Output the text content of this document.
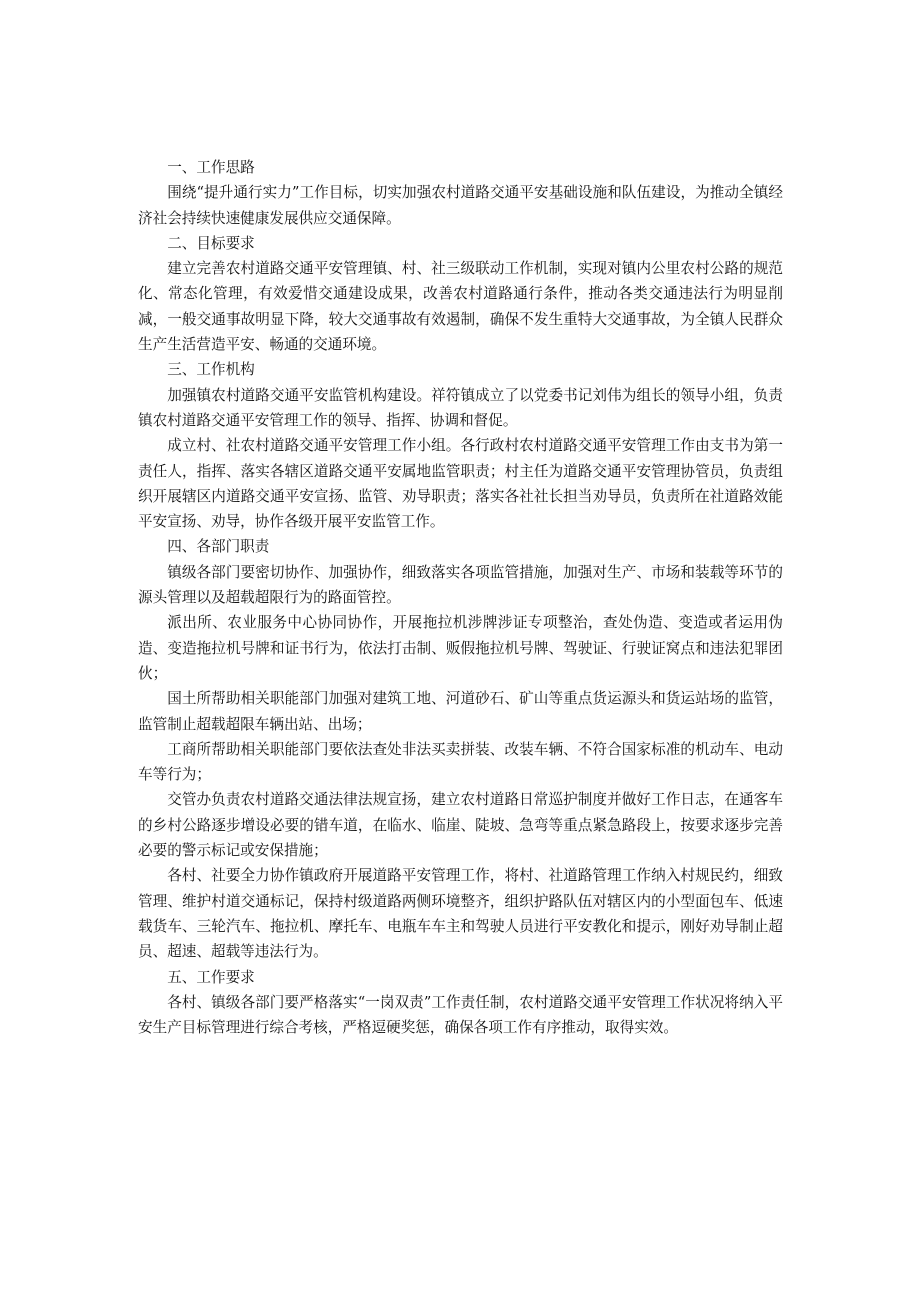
一、工作思路

围绕“提升通行实力”工作目标，切实加强农村道路交通平安基础设施和队伍建设，为推动全镇经济社会持续快速健康发展供应交通保障。

二、目标要求

建立完善农村道路交通平安管理镇、村、社三级联动工作机制，实现对镇内公里农村公路的规范化、常态化管理，有效爱惜交通建设成果，改善农村道路通行条件，推动各类交通违法行为明显削减，一般交通事故明显下降，较大交通事故有效遏制，确保不发生重特大交通事故，为全镇人民群众生产生活营造平安、畅通的交通环境。

三、工作机构

加强镇农村道路交通平安监管机构建设。祥符镇成立了以党委书记刘伟为组长的领导小组，负责镇农村道路交通平安管理工作的领导、指挥、协调和督促。

成立村、社农村道路交通平安管理工作小组。各行政村农村道路交通平安管理工作由支书为第一责任人，指挥、落实各辖区道路交通平安属地监管职责；村主任为道路交通平安管理协管员，负责组织开展辖区内道路交通平安宣扬、监管、劝导职责；落实各社社长担当劝导员，负责所在社道路效能平安宣扬、劝导，协作各级开展平安监管工作。

四、各部门职责

镇级各部门要密切协作、加强协作，细致落实各项监管措施，加强对生产、市场和装载等环节的源头管理以及超载超限行为的路面管控。

派出所、农业服务中心协同协作，开展拖拉机涉牌涉证专项整治，查处伪造、变造或者运用伪造、变造拖拉机号牌和证书行为，依法打击制、贩假拖拉机号牌、驾驶证、行驶证窝点和违法犯罪团伙；

国土所帮助相关职能部门加强对建筑工地、河道砂石、矿山等重点货运源头和货运站场的监管，监管制止超载超限车辆出站、出场；

工商所帮助相关职能部门要依法查处非法买卖拼装、改装车辆、不符合国家标准的机动车、电动车等行为；

交管办负责农村道路交通法律法规宣扬，建立农村道路日常巡护制度并做好工作日志，在通客车的乡村公路逐步增设必要的错车道，在临水、临崖、陡坡、急弯等重点紧急路段上，按要求逐步完善必要的警示标记或安保措施；

各村、社要全力协作镇政府开展道路平安管理工作，将村、社道路管理工作纳入村规民约，细致管理、维护村道交通标记，保持村级道路两侧环境整齐，组织护路队伍对辖区内的小型面包车、低速载货车、三轮汽车、拖拉机、摩托车、电瓶车车主和驾驶人员进行平安教化和提示，刚好劝导制止超员、超速、超载等违法行为。

五、工作要求

各村、镇级各部门要严格落实“一岗双责”工作责任制，农村道路交通平安管理工作状况将纳入平安生产目标管理进行综合考核，严格逗硬奖惩，确保各项工作有序推动，取得实效。
